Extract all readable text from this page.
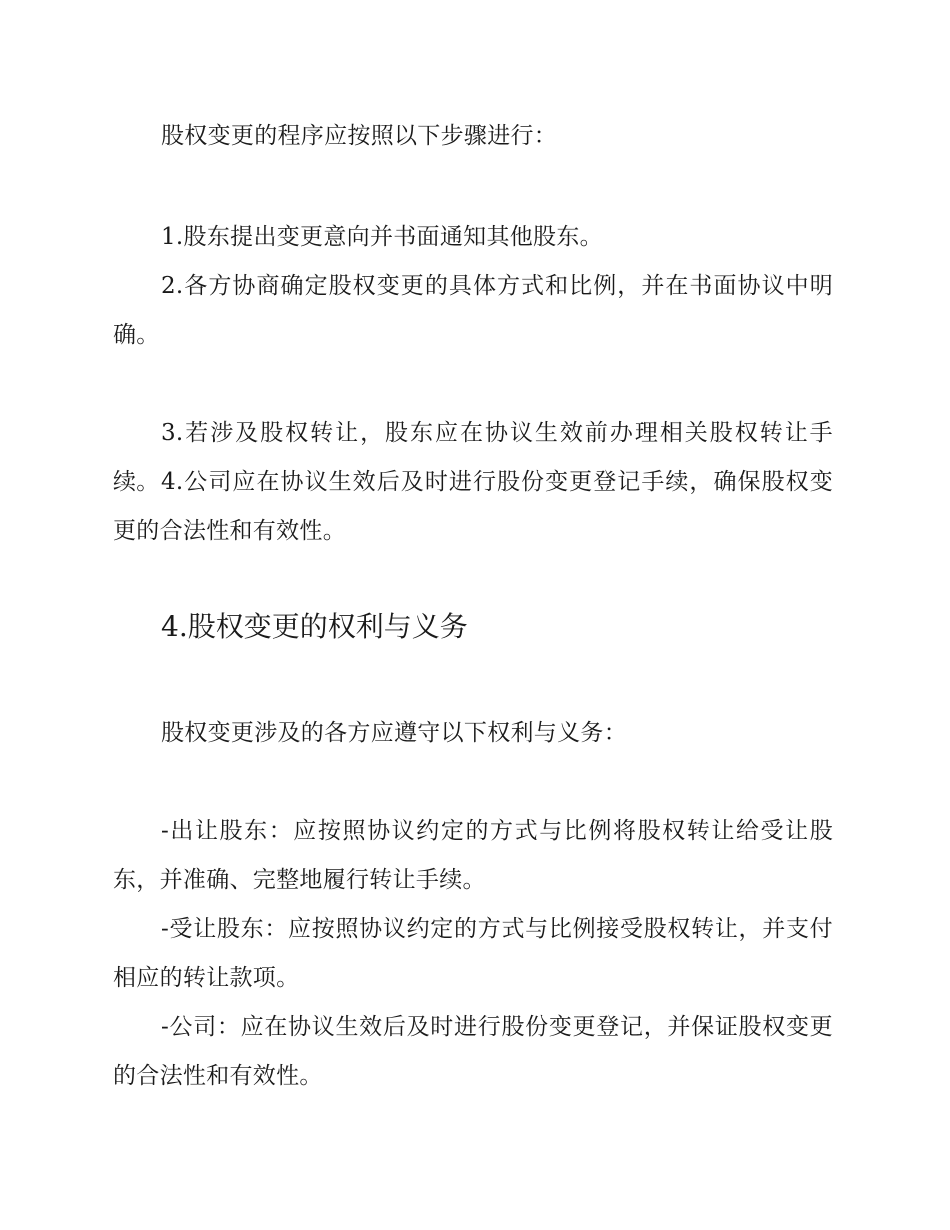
股权变更的程序应按照以下步骤进行：

1.股东提出变更意向并书面通知其他股东。

2.各方协商确定股权变更的具体方式和比例，并在书面协议中明确。

3.若涉及股权转让，股东应在协议生效前办理相关股权转让手续。 4.公司应在协议生效后及时进行股份变更登记手续，确保股权变更的合法性和有效性。

4.股权变更的权利与义务

股权变更涉及的各方应遵守以下权利与义务：

-出让股东：应按照协议约定的方式与比例将股权转让给受让股东，并准确、完整地履行转让手续。

-受让股东：应按照协议约定的方式与比例接受股权转让，并支付相应的转让款项。

-公司：应在协议生效后及时进行股份变更登记，并保证股权变更的合法性和有效性。
